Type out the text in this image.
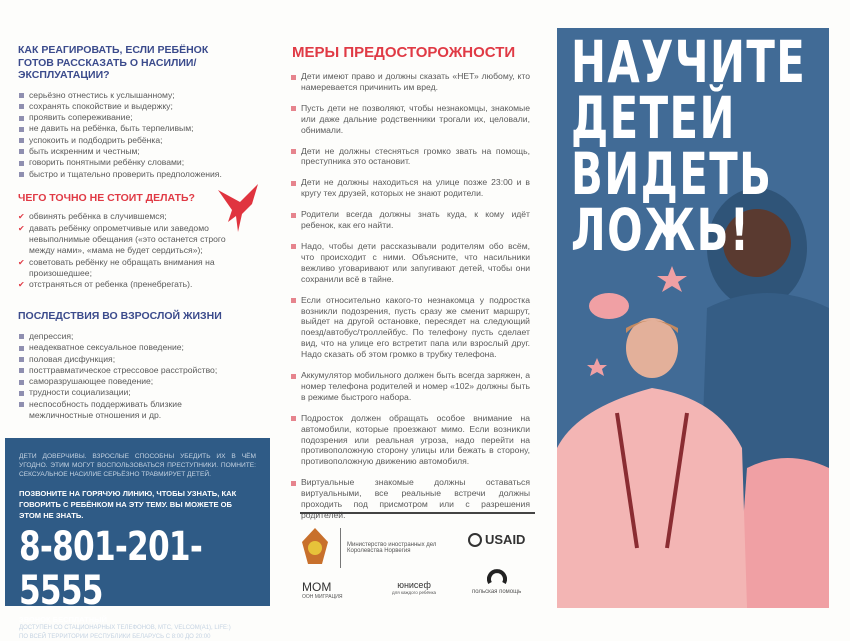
КАК РЕАГИРОВАТЬ, ЕСЛИ РЕБЁНОК ГОТОВ РАССКАЗАТЬ О НАСИЛИИ/ЭКСПЛУАТАЦИИ?
серьёзно отнестись к услышанному;
сохранять спокойствие и выдержку;
проявить сопереживание;
не давить на ребёнка, быть терпеливым;
успокоить и подбодрить ребёнка;
быть искренним и честным;
говорить понятными ребёнку словами;
быстро и тщательно проверить предположения.
ЧЕГО ТОЧНО НЕ СТОИТ ДЕЛАТЬ?
✔ обвинять ребёнка в случившемся;
✔ давать ребёнку опрометчивые или заведомо невыполнимые обещания («это останется строго между нами», «мама не будет сердиться»);
✔ советовать ребёнку не обращать внимания на произошедшее;
✔ отстраняться от ребенка (пренебрегать).
ПОСЛЕДСТВИЯ ВО ВЗРОСЛОЙ ЖИЗНИ
депрессия;
неадекватное сексуальное поведение;
половая дисфункция;
посттравматическое стрессовое расстройство;
саморазрушающее поведение;
трудности социализации;
неспособность поддерживать близкие межличностные отношения и др.

ДЕТИ ДОВЕРЧИВЫ. ВЗРОСЛЫЕ СПОСОБНЫ УБЕДИТЬ ИХ В ЧЁМ УГОДНО. ЭТИМ МОГУТ ВОСПОЛЬЗОВАТЬСЯ ПРЕСТУПНИКИ. ПОМНИТЕ: СЕКСУАЛЬНОЕ НАСИЛИЕ СЕРЬЁЗНО ТРАВМИРУЕТ ДЕТЕЙ.

ПОЗВОНИТЕ НА ГОРЯЧУЮ ЛИНИЮ, ЧТОБЫ УЗНАТЬ, КАК ГОВОРИТЬ С РЕБЁНКОМ НА ЭТУ ТЕМУ. ВЫ МОЖЕТЕ ОБ ЭТОМ НЕ ЗНАТЬ.

8-801-201-5555
ЗВОНОК БЕСПЛАТНЫЙ
ДОСТУПЕН СО СТАЦИОНАРНЫХ ТЕЛЕФОНОВ, МТС, VELCOM(A1), LIFE:)
ПО ВСЕЙ ТЕРРИТОРИИ РЕСПУБЛИКИ БЕЛАРУСЬ С 8:00 ДО 20:00
МЕРЫ ПРЕДОСТОРОЖНОСТИ
Дети имеют право и должны сказать «НЕТ» любому, кто намеревается причинить им вред.
Пусть дети не позволяют, чтобы незнакомцы, знакомые или даже дальние родственники трогали их, целовали, обнимали.
Дети не должны стесняться громко звать на помощь, преступника это остановит.
Дети не должны находиться на улице позже 23:00 и в кругу тех друзей, которых не знают родители.
Родители всегда должны знать куда, к кому идёт ребенок, как его найти.
Надо, чтобы дети рассказывали родителям обо всём, что происходит с ними. Объясните, что насильники вежливо уговаривают или запугивают детей, чтобы они сохранили всё в тайне.
Если относительно какого-то незнакомца у подростка возникли подозрения, пусть сразу же сменит маршрут, выйдет на другой остановке, пересядет на следующий поезд/автобус/троллейбус. По телефону пусть сделает вид, что на улице его встретит папа или взрослый друг. Надо сказать об этом громко в трубку телефона.
Аккумулятор мобильного должен быть всегда заряжен, а номер телефона родителей и номер «102» должны быть в режиме быстрого набора.
Подросток должен обращать особое внимание на автомобили, которые проезжают мимо. Если возникли подозрения или реальная угроза, надо перейти на противоположную сторону улицы или бежать в сторону, противоположную движению автомобиля.
Виртуальные знакомые должны оставаться виртуальными, все реальные встречи должны проходить под присмотром или с разрешения родителей.
Министерство иностранных дел Королевства Норвегия
USAID
МОМ
ООН МИГРАЦИЯ
юнисеф
для каждого ребёнка	польская помощь
НАУЧИТЕ
ДЕТЕЙ
ВИДЕТЬ
ЛОЖЬ!
